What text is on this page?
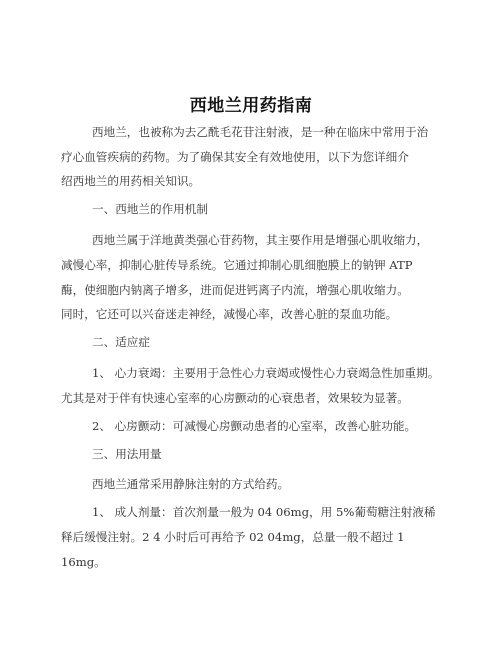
西地兰用药指南
西地兰，也被称为去乙酰毛花苷注射液，是一种在临床中常用于治
疗心血管疾病的药物。为了确保其安全有效地使用，以下为您详细介
绍西地兰的用药相关知识。
一、西地兰的作用机制
西地兰属于洋地黄类强心苷药物，其主要作用是增强心肌收缩力，
减慢心率，抑制心脏传导系统。它通过抑制心肌细胞膜上的钠钾 ATP
酶，使细胞内钠离子增多，进而促进钙离子内流，增强心肌收缩力。
同时，它还可以兴奋迷走神经，减慢心率，改善心脏的泵血功能。
二、适应症
1、 心力衰竭：主要用于急性心力衰竭或慢性心力衰竭急性加重期。
尤其是对于伴有快速心室率的心房颤动的心衰患者，效果较为显著。
2、 心房颤动：可减慢心房颤动患者的心室率，改善心脏功能。
三、用法用量
西地兰通常采用静脉注射的方式给药。
1、 成人剂量：首次剂量一般为 04 06mg，用 5%葡萄糖注射液稀
释后缓慢注射。2 4 小时后可再给予 02 04mg，总量一般不超过 1
16mg。
